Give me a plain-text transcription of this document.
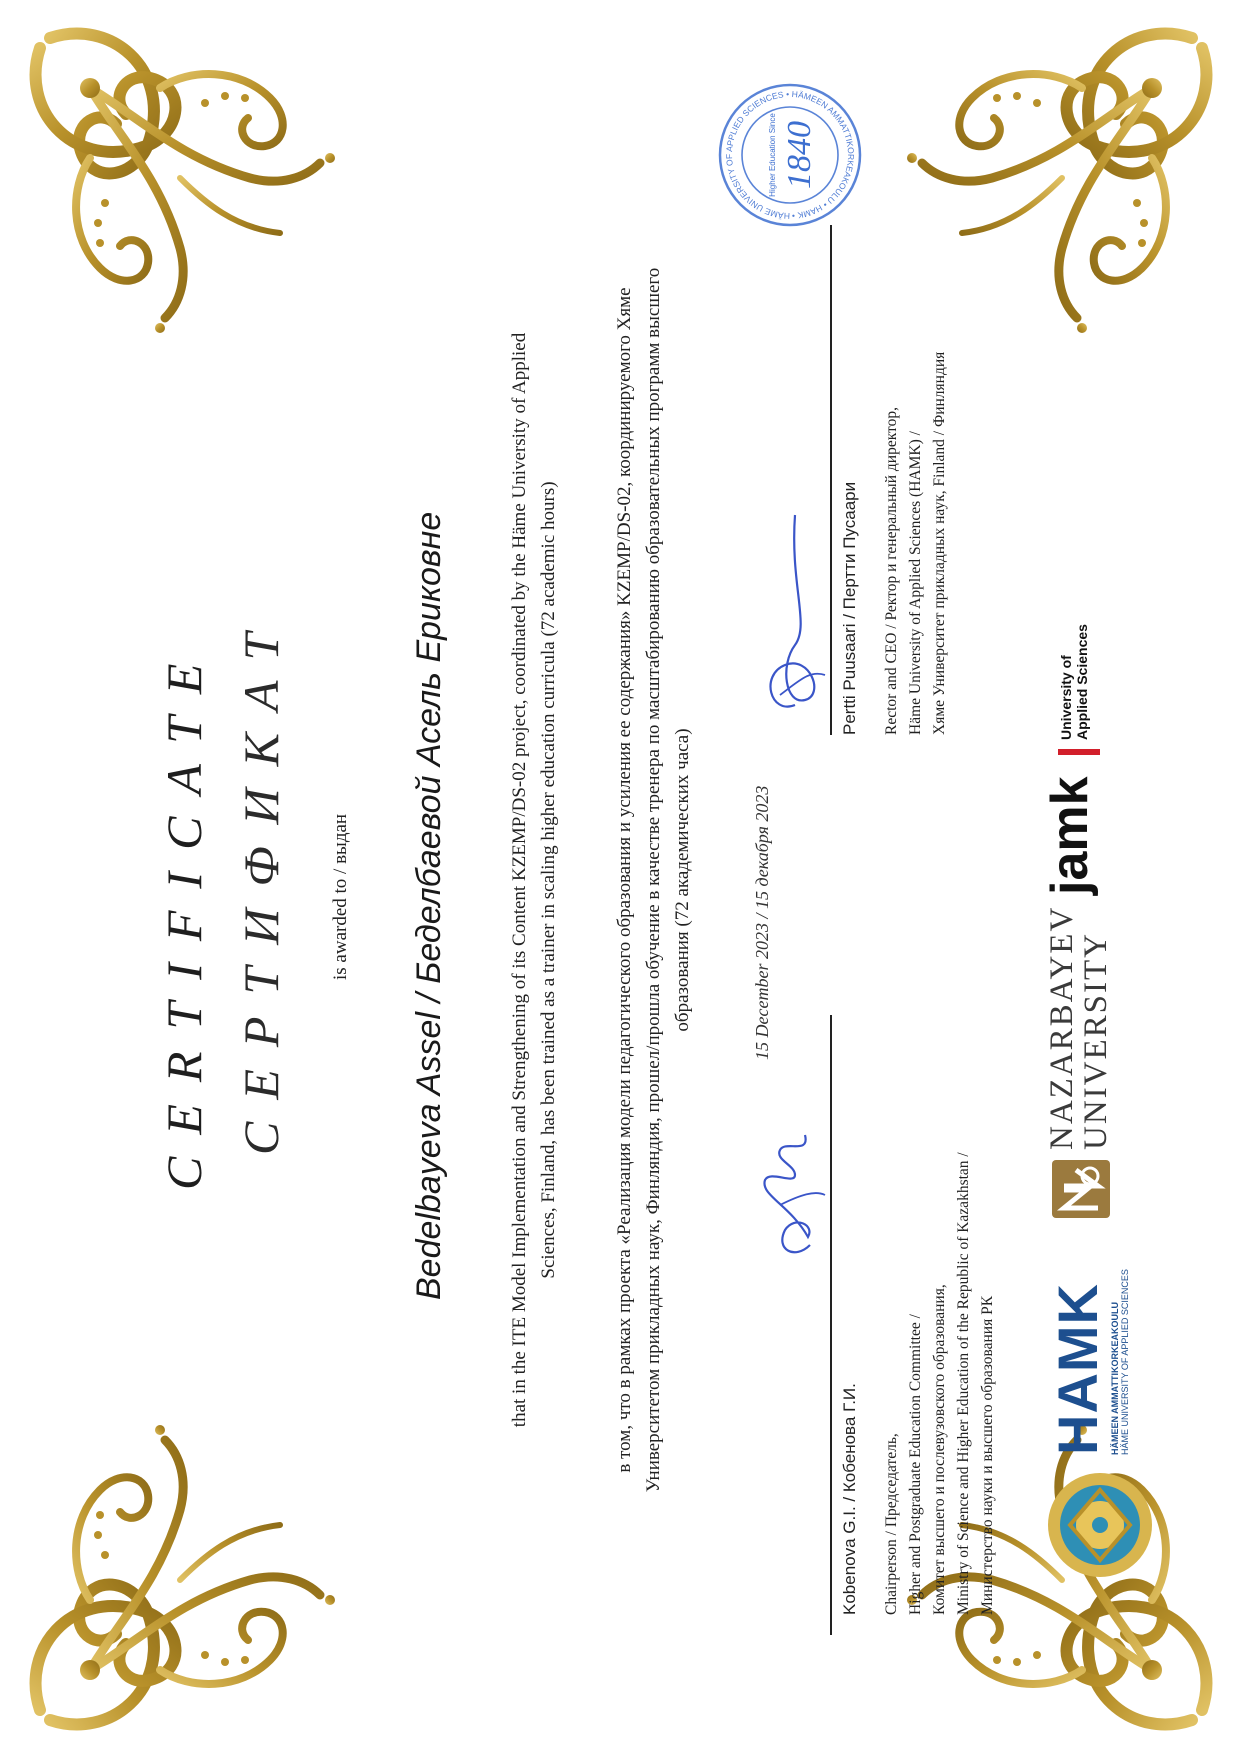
CERTIFICATE СЕРТИФИКАТ is awarded to / выдан Bedelbayeva Assel / Беделбаевой Асель Ериковне	that in the ITE Model Implementation and Strengthening of its Content KZEMP/DS-02 project, coordinated by the Häme University of Applied Sciences, Finland, has been trained as a trainer in scaling higher education curricula (72 academic hours)	в том, что в рамках проекта «Реализация модели педагогического образования и усиления ее содержания» KZEMP/DS-02, координируемого Хяме Университетом прикладных наук, Финляндия, прошел/прошла обучение в качестве тренера по масштабированию образовательных программ высшего образования (72 академических часа)	15 December 2023 / 15 декабря 2023
Kobenova G.I. / Кобенова Г.И. Chairperson / Председатель, Higher and Postgraduate Education Committee / Комитет высшего и послевузовского образования, Ministry of Science and Higher Education of the Republic of Kazakhstan / Министерство науки и высшего образования РК
Pertti Puusaari / Пертти Пусаари Rector and CEO / Ректор и генеральный директор, Häme University of Applied Sciences (HAMK) / Хяме Университет прикладных наук, Finland / Финляндия
HÄME UNIVERSITY OF APPLIED SCIENCES • HÄMEEN AMMATTIKORKEAKOULU • HAMK •
Higher Education Since 1840
HAMK HÄMEEN AMMATTIKORKEAKOULU HÄME UNIVERSITY OF APPLIED SCIENCES
NAZARBAYEV
UNIVERSITY
jamk
University of Applied Sciences
